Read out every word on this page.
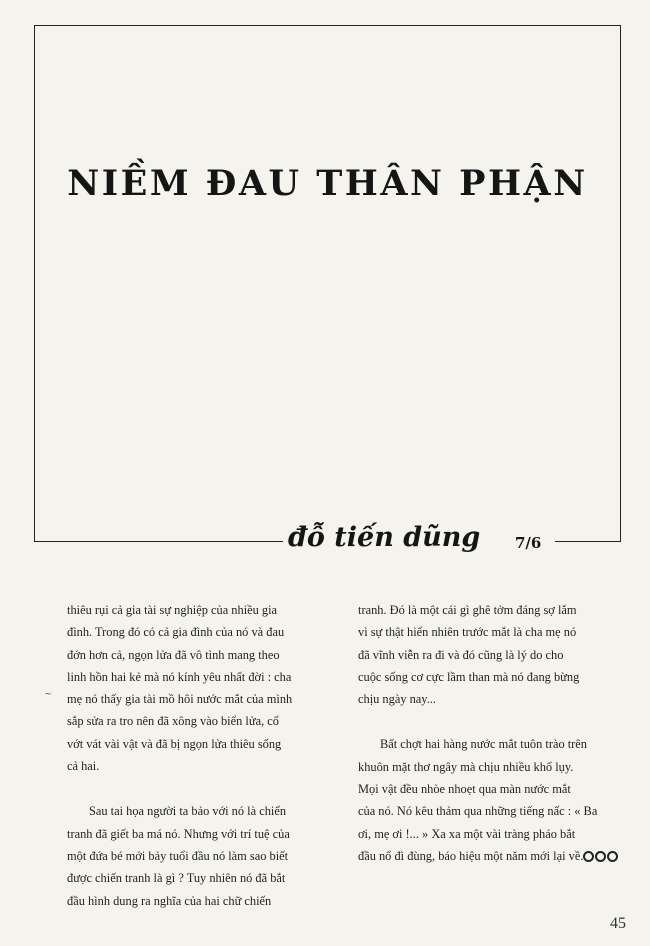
NIỀM ĐAU THÂN PHẬN
đỗ tiến dũng 7/6
~

thiêu rụi cả gia tài sự nghiệp của nhiều gia
đình. Trong đó có cả gia đình của nó và đau
đớn hơn cả, ngọn lửa đã vô tình mang theo
linh hồn hai kẻ mà nó kính yêu nhất đời : cha
mẹ nó thấy gia tài mồ hôi nước mắt của mình
sắp sửa ra tro nên đã xông vào biển lửa, cố
vớt vát vài vật và đã bị ngọn lửa thiêu sống
cả hai.

Sau tai họa người ta bảo với nó là chiến
tranh đã giết ba má nó. Nhưng với trí tuệ của
một đứa bé mới bảy tuổi đầu nó làm sao biết
được chiến tranh là gì ? Tuy nhiên nó đã bắt
đầu hình dung ra nghĩa của hai chữ chiến

tranh. Đó là một cái gì ghê tởm đáng sợ lắm
vì sự thật hiển nhiên trước mắt là cha mẹ nó
đã vĩnh viễn ra đi và đó cũng là lý do cho
cuộc sống cơ cực lầm than mà nó đang bừng
chịu ngày nay...

Bất chợt hai hàng nước mắt tuôn trào trên
khuôn mặt thơ ngây mà chịu nhiều khổ lụy.
Mọi vật đều nhòe nhoẹt qua màn nước mắt
của nó. Nó kêu thảm qua những tiếng nấc : « Ba
ơi, mẹ ơi !... » Xa xa một vài tràng pháo bắt
đầu nổ đì đùng, báo hiệu một năm mới lại về.

45
